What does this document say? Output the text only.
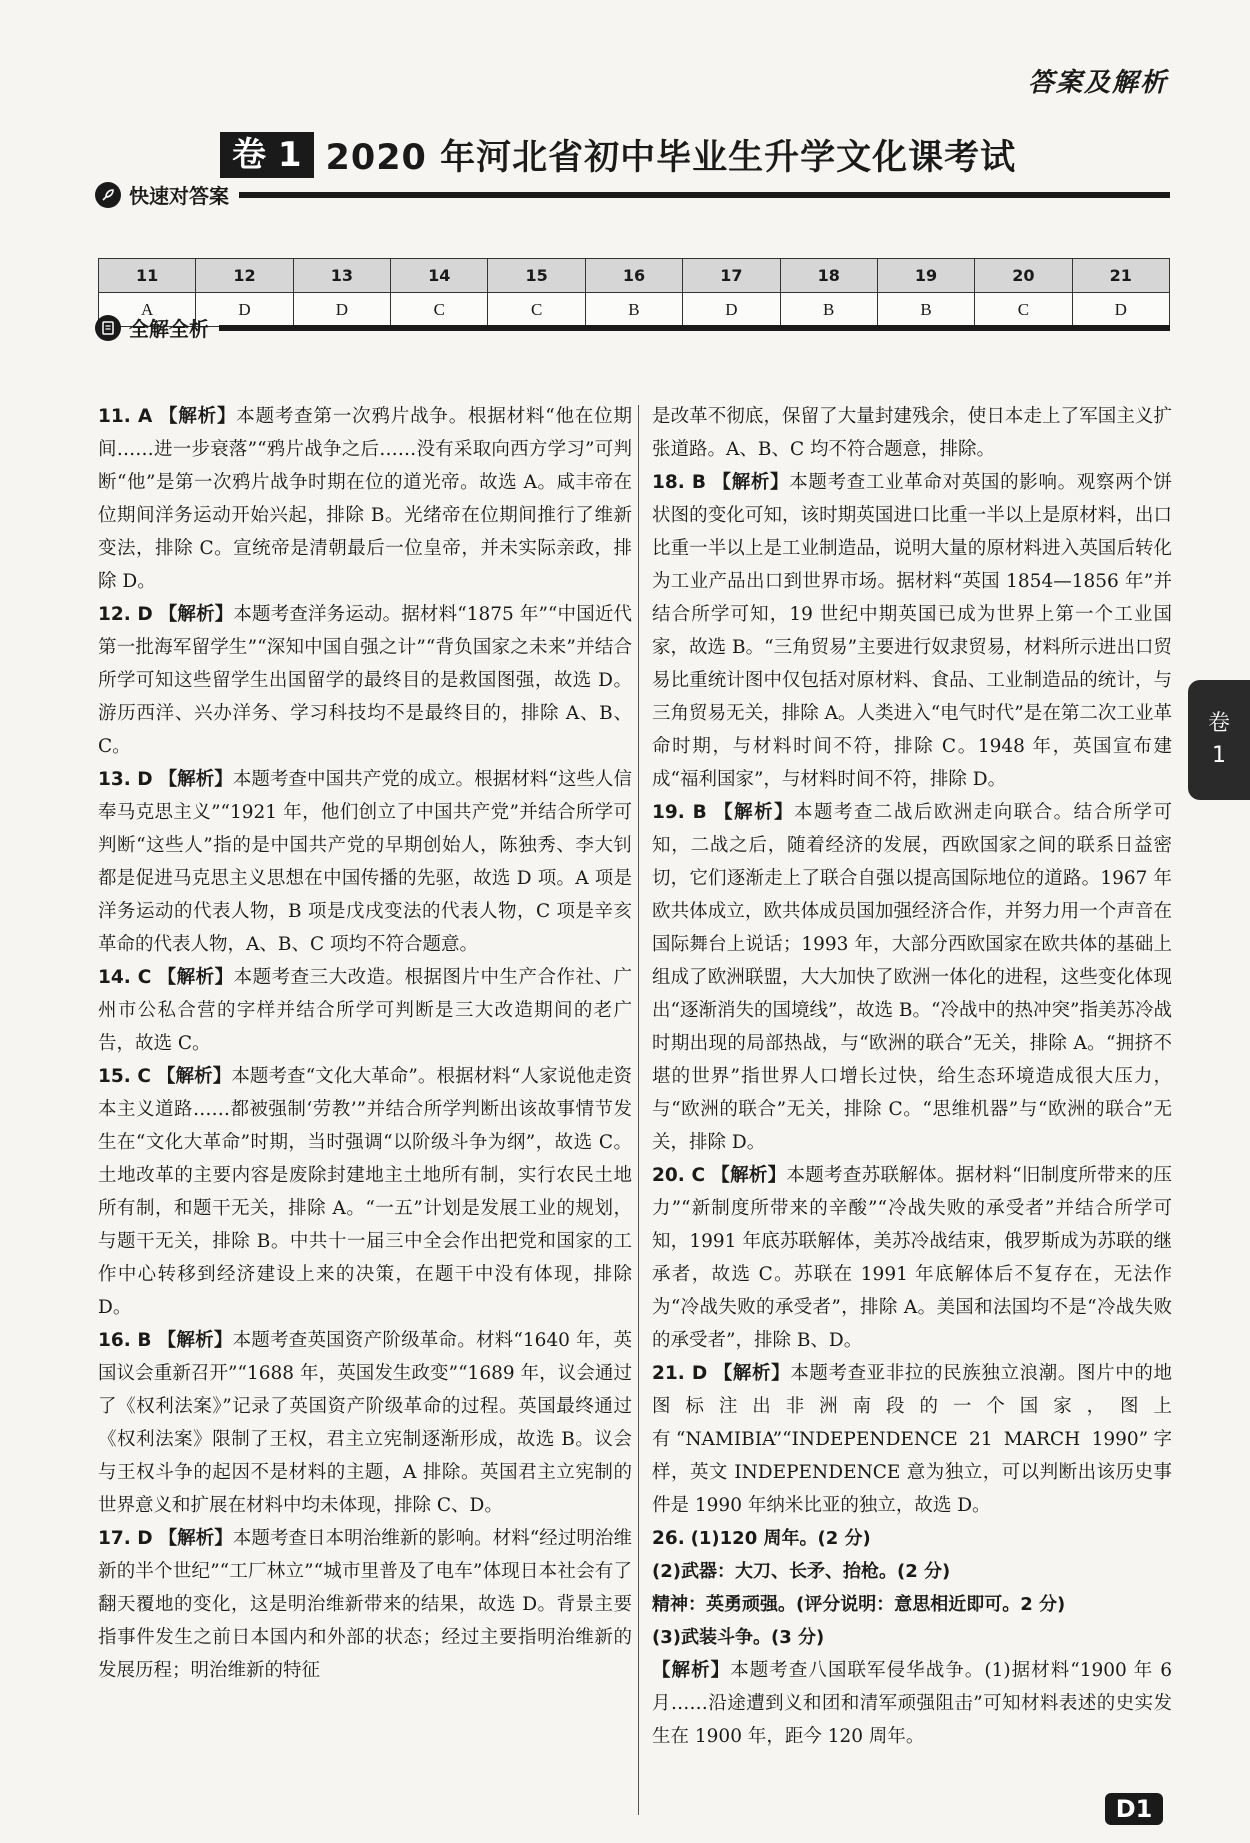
答案及解析
卷 1 2020 年河北省初中毕业生升学文化课考试
快速对答案
11	12	13	14	15	16	17	18	19	20	21
A	D	D	C	C	B	D	B	B	C	D
全解全析

11. A 【解析】本题考查第一次鸦片战争。根据材料“他在位期间……进一步衰落”“鸦片战争之后……没有采取向西方学习”可判断“他”是第一次鸦片战争时期在位的道光帝。故选 A。咸丰帝在位期间洋务运动开始兴起，排除 B。光绪帝在位期间推行了维新变法，排除 C。宣统帝是清朝最后一位皇帝，并未实际亲政，排除 D。

12. D 【解析】本题考查洋务运动。据材料“1875 年”“中国近代第一批海军留学生”“深知中国自强之计”“背负国家之未来”并结合所学可知这些留学生出国留学的最终目的是救国图强，故选 D。游历西洋、兴办洋务、学习科技均不是最终目的，排除 A、B、C。

13. D 【解析】本题考查中国共产党的成立。根据材料“这些人信奉马克思主义”“1921 年，他们创立了中国共产党”并结合所学可判断“这些人”指的是中国共产党的早期创始人，陈独秀、李大钊都是促进马克思主义思想在中国传播的先驱，故选 D 项。A 项是洋务运动的代表人物，B 项是戊戌变法的代表人物，C 项是辛亥革命的代表人物，A、B、C 项均不符合题意。

14. C 【解析】本题考查三大改造。根据图片中生产合作社、广州市公私合营的字样并结合所学可判断是三大改造期间的老广告，故选 C。

15. C 【解析】本题考查“文化大革命”。根据材料“人家说他走资本主义道路……都被强制‘劳教’”并结合所学判断出该故事情节发生在“文化大革命”时期，当时强调“以阶级斗争为纲”，故选 C。土地改革的主要内容是废除封建地主土地所有制，实行农民土地所有制，和题干无关，排除 A。“一五”计划是发展工业的规划，与题干无关，排除 B。中共十一届三中全会作出把党和国家的工作中心转移到经济建设上来的决策，在题干中没有体现，排除 D。

16. B 【解析】本题考查英国资产阶级革命。材料“1640 年，英国议会重新召开”“1688 年，英国发生政变”“1689 年，议会通过了《权利法案》”记录了英国资产阶级革命的过程。英国最终通过《权利法案》限制了王权，君主立宪制逐渐形成，故选 B。议会与王权斗争的起因不是材料的主题，A 排除。英国君主立宪制的世界意义和扩展在材料中均未体现，排除 C、D。

17. D 【解析】本题考查日本明治维新的影响。材料“经过明治维新的半个世纪”“工厂林立”“城市里普及了电车”体现日本社会有了翻天覆地的变化，这是明治维新带来的结果，故选 D。背景主要指事件发生之前日本国内和外部的状态；经过主要指明治维新的发展历程；明治维新的特征

是改革不彻底，保留了大量封建残余，使日本走上了军国主义扩张道路。A、B、C 均不符合题意，排除。

18. B 【解析】本题考查工业革命对英国的影响。观察两个饼状图的变化可知，该时期英国进口比重一半以上是原材料，出口比重一半以上是工业制造品，说明大量的原材料进入英国后转化为工业产品出口到世界市场。据材料“英国 1854—1856 年”并结合所学可知，19 世纪中期英国已成为世界上第一个工业国家，故选 B。“三角贸易”主要进行奴隶贸易，材料所示进出口贸易比重统计图中仅包括对原材料、食品、工业制造品的统计，与三角贸易无关，排除 A。人类进入“电气时代”是在第二次工业革命时期，与材料时间不符，排除 C。1948 年，英国宣布建成“福利国家”，与材料时间不符，排除 D。

19. B 【解析】本题考查二战后欧洲走向联合。结合所学可知，二战之后，随着经济的发展，西欧国家之间的联系日益密切，它们逐渐走上了联合自强以提高国际地位的道路。1967 年欧共体成立，欧共体成员国加强经济合作，并努力用一个声音在国际舞台上说话；1993 年，大部分西欧国家在欧共体的基础上组成了欧洲联盟，大大加快了欧洲一体化的进程，这些变化体现出“逐渐消失的国境线”，故选 B。“冷战中的热冲突”指美苏冷战时期出现的局部热战，与“欧洲的联合”无关，排除 A。“拥挤不堪的世界”指世界人口增长过快，给生态环境造成很大压力，与“欧洲的联合”无关，排除 C。“思维机器”与“欧洲的联合”无关，排除 D。

20. C 【解析】本题考查苏联解体。据材料“旧制度所带来的压力”“新制度所带来的辛酸”“冷战失败的承受者”并结合所学可知，1991 年底苏联解体，美苏冷战结束，俄罗斯成为苏联的继承者，故选 C。苏联在 1991 年底解体后不复存在，无法作为“冷战失败的承受者”，排除 A。美国和法国均不是“冷战失败的承受者”，排除 B、D。

21. D 【解析】本题考查亚非拉的民族独立浪潮。图片中的地图标注出非洲南段的一个国家，图上有“NAMIBIA”“INDEPENDENCE 21 MARCH 1990”字样，英文 INDEPENDENCE 意为独立，可以判断出该历史事件是 1990 年纳米比亚的独立，故选 D。

26. (1)120 周年。(2 分)

(2)武器：大刀、长矛、抬枪。(2 分)

精神：英勇顽强。(评分说明：意思相近即可。2 分)

(3)武装斗争。(3 分)

【解析】本题考查八国联军侵华战争。(1)据材料“1900 年 6 月……沿途遭到义和团和清军顽强阻击”可知材料表述的史实发生在 1900 年，距今 120 周年。

卷
1
D1
